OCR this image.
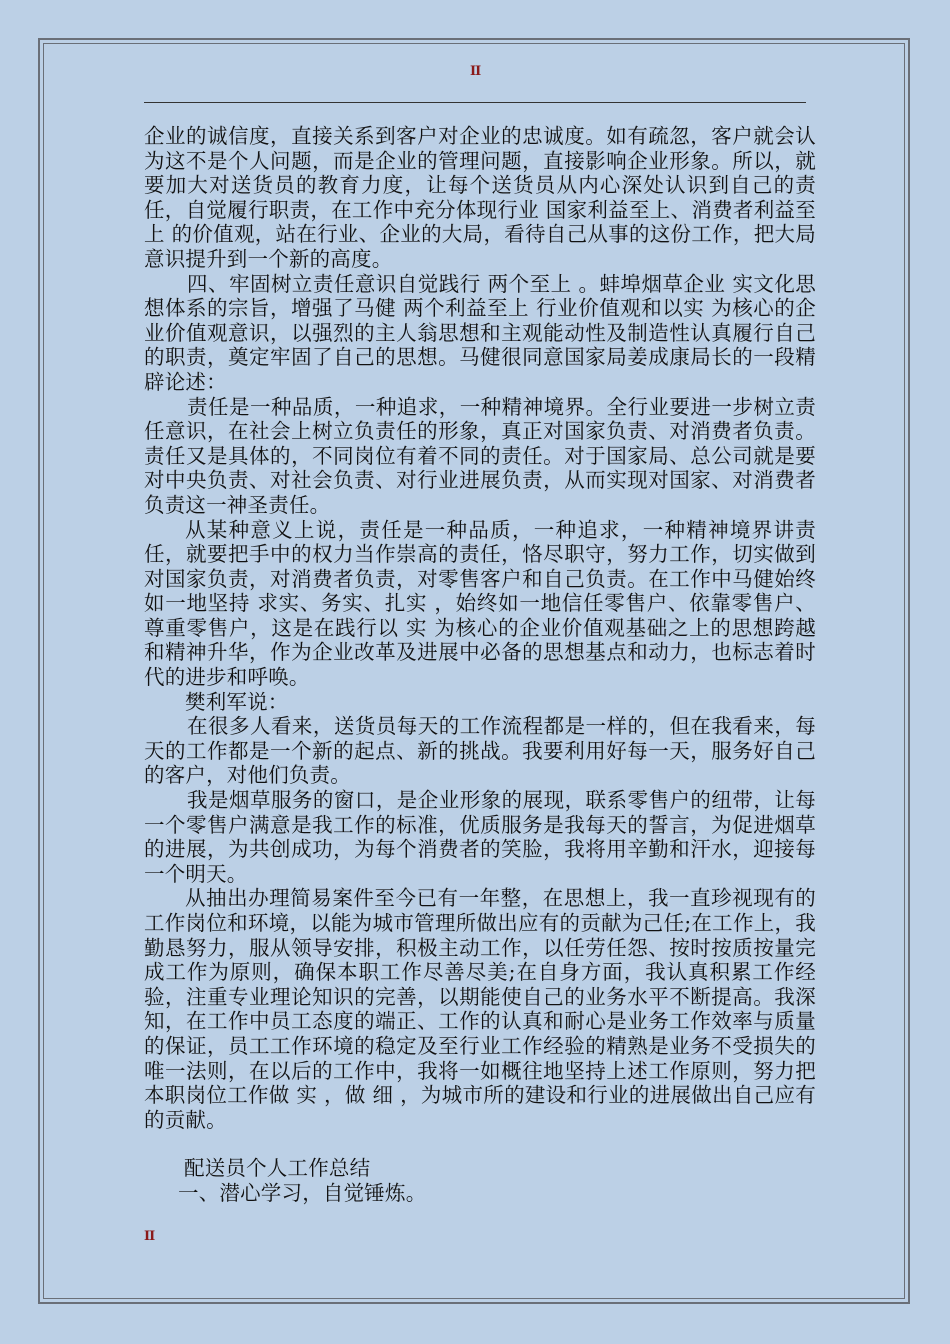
II

企业的诚信度，直接关系到客户对企业的忠诚度。如有疏忽，客户就会认为这不是个人问题，而是企业的管理问题，直接影响企业形象。所以，就要加大对送货员的教育力度，让每个送货员从内心深处认识到自己的责任，自觉履行职责，在工作中充分体现行业 国家利益至上、消费者利益至上 的价值观，站在行业、企业的大局，看待自己从事的这份工作，把大局意识提升到一个新的高度。

四、牢固树立责任意识自觉践行 两个至上 。蚌埠烟草企业 实文化思想体系的宗旨，增强了马健 两个利益至上 行业价值观和以实 为核心的企业价值观意识，以强烈的主人翁思想和主观能动性及制造性认真履行自己的职责，奠定牢固了自己的思想。马健很同意国家局姜成康局长的一段精辟论述：

责任是一种品质，一种追求，一种精神境界。全行业要进一步树立责任意识，在社会上树立负责任的形象，真正对国家负责、对消费者负责。责任又是具体的，不同岗位有着不同的责任。对于国家局、总公司就是要对中央负责、对社会负责、对行业进展负责，从而实现对国家、对消费者负责这一神圣责任。

从某种意义上说，责任是一种品质，一种追求，一种精神境界讲责任，就要把手中的权力当作崇高的责任，恪尽职守，努力工作，切实做到对国家负责，对消费者负责，对零售客户和自己负责。在工作中马健始终如一地坚持 求实、务实、扎实 ，始终如一地信任零售户、依靠零售户、尊重零售户，这是在践行以 实 为核心的企业价值观基础之上的思想跨越和精神升华，作为企业改革及进展中必备的思想基点和动力，也标志着时代的进步和呼唤。

樊利军说：

在很多人看来，送货员每天的工作流程都是一样的，但在我看来，每天的工作都是一个新的起点、新的挑战。我要利用好每一天，服务好自己的客户，对他们负责。

我是烟草服务的窗口，是企业形象的展现，联系零售户的纽带，让每一个零售户满意是我工作的标准，优质服务是我每天的誓言，为促进烟草的进展，为共创成功，为每个消费者的笑脸，我将用辛勤和汗水，迎接每一个明天。

从抽出办理简易案件至今已有一年整，在思想上，我一直珍视现有的工作岗位和环境，以能为城市管理所做出应有的贡献为己任;在工作上，我勤恳努力，服从领导安排，积极主动工作，以任劳任怨、按时按质按量完成工作为原则，确保本职工作尽善尽美;在自身方面，我认真积累工作经验，注重专业理论知识的完善，以期能使自己的业务水平不断提高。我深知，在工作中员工态度的端正、工作的认真和耐心是业务工作效率与质量的保证，员工工作环境的稳定及至行业工作经验的精熟是业务不受损失的唯一法则，在以后的工作中，我将一如概往地坚持上述工作原则，努力把本职岗位工作做 实 ，做 细 ，为城市所的建设和行业的进展做出自己应有的贡献。

配送员个人工作总结

一、潜心学习，自觉锤炼。

II
